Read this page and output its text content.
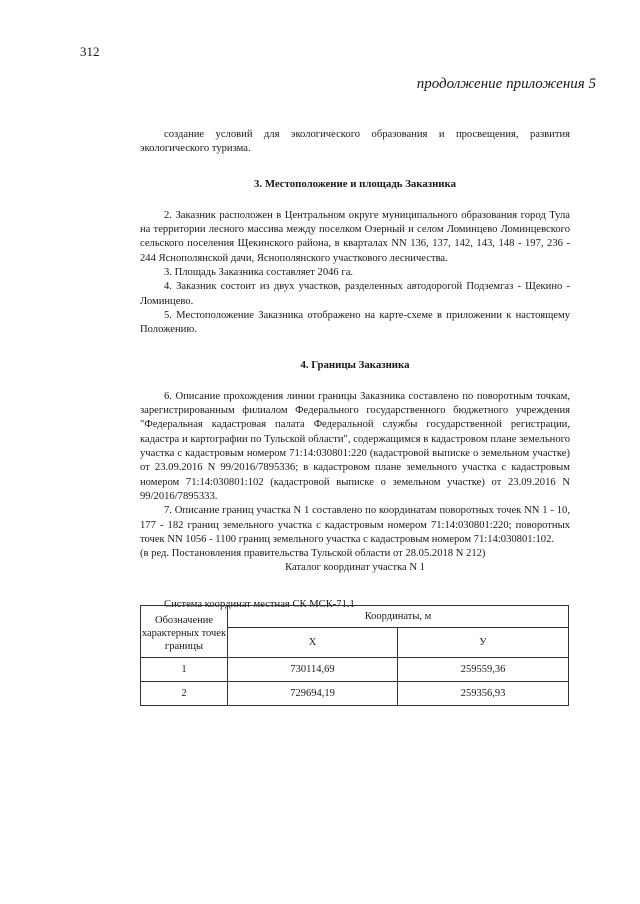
312
продолжение приложения 5

создание условий для экологического образования и просвещения, развития экологического туризма.

3. Местоположение и площадь Заказника

2. Заказник расположен в Центральном округе муниципального образования город Тула на территории лесного массива между поселком Озерный и селом Ломинцево Ломинцевского сельского поселения Щекинского района, в кварталах NN 136, 137, 142, 143, 148 - 197, 236 - 244 Яснополянской дачи, Яснополянского участкового лесничества.

3. Площадь Заказника составляет 2046 га.

4. Заказник состоит из двух участков, разделенных автодорогой Подземгаз - Щекино - Ломинцево.

5. Местоположение Заказника отображено на карте-схеме в приложении к настоящему Положению.

4. Границы Заказника

6. Описание прохождения линии границы Заказника составлено по поворотным точкам, зарегистрированным филиалом Федерального государственного бюджетного учреждения "Федеральная кадастровая палата Федеральной службы государственной регистрации, кадастра и картографии по Тульской области", содержащимся в кадастровом плане земельного участка с кадастровым номером 71:14:030801:220 (кадастровой выписке о земельном участке) от 23.09.2016 N 99/2016/7895336; в кадастровом плане земельного участка с кадастровым номером 71:14:030801:102 (кадастровой выписке о земельном участке) от 23.09.2016 N 99/2016/7895333.

7. Описание границ участка N 1 составлено по координатам поворотных точек NN 1 - 10, 177 - 182 границ земельного участка с кадастровым номером 71:14:030801:220; поворотных точек NN 1056 - 1100 границ земельного участка с кадастровым номером 71:14:030801:102.

(в ред. Постановления правительства Тульской области от 28.05.2018 N 212)

Каталог координат участка N 1

Система координат местная СК МСК-71.1

Обозначение характерных точек границы	Координаты, м	
	X	У
1	730114,69	259559,36
2	729694,19	259356,93
